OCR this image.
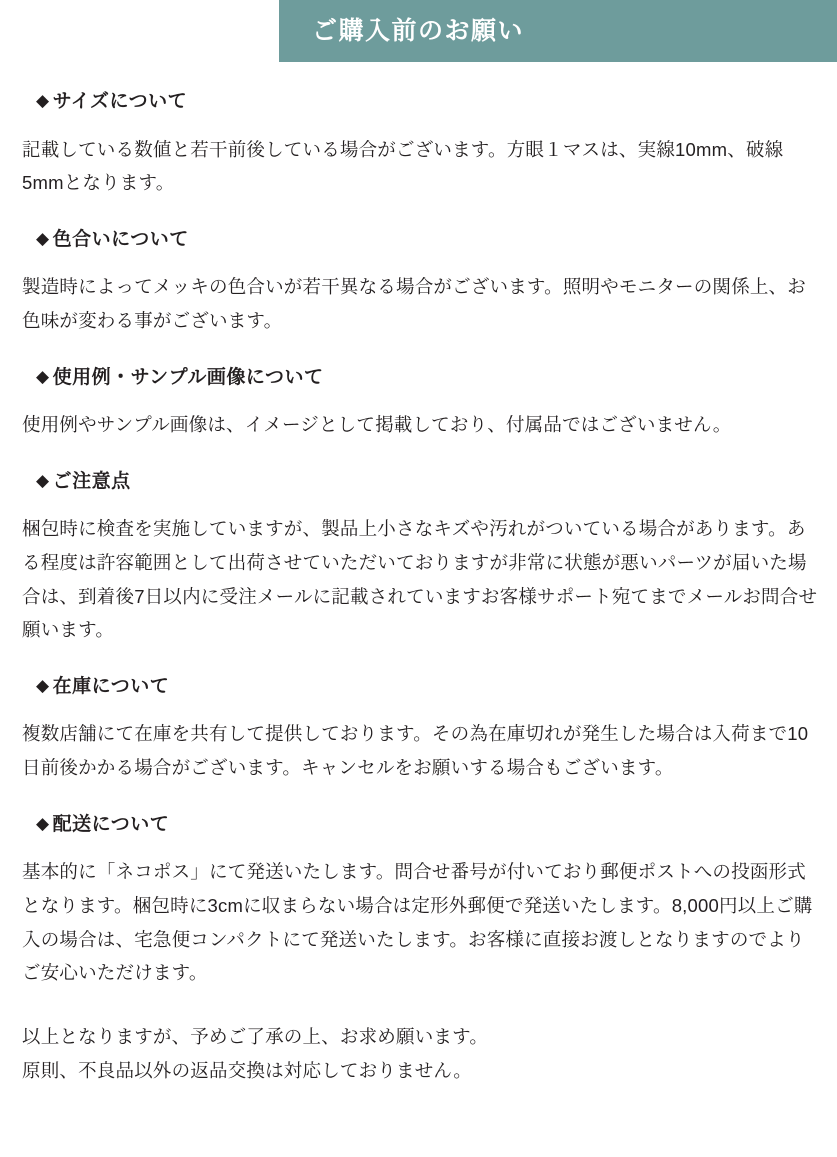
ご購入前のお願い
◆ サイズについて

記載している数値と若干前後している場合がございます。方眼１マスは、実線10mm、破線5mmとなります。

◆ 色合いについて

製造時によってメッキの色合いが若干異なる場合がございます。照明やモニターの関係上、お色味が変わる事がございます。

◆ 使用例・サンプル画像について

使用例やサンプル画像は、イメージとして掲載しており、付属品ではございません。

◆ ご注意点

梱包時に検査を実施していますが、製品上小さなキズや汚れがついている場合があります。ある程度は許容範囲として出荷させていただいておりますが非常に状態が悪いパーツが届いた場合は、到着後7日以内に受注メールに記載されていますお客様サポート宛てまでメールお問合せ願います。

◆ 在庫について

複数店舗にて在庫を共有して提供しております。その為在庫切れが発生した場合は入荷まで10日前後かかる場合がございます。キャンセルをお願いする場合もございます。

◆ 配送について

基本的に「ネコポス」にて発送いたします。問合せ番号が付いており郵便ポストへの投函形式となります。梱包時に3cmに収まらない場合は定形外郵便で発送いたします。8,000円以上ご購入の場合は、宅急便コンパクトにて発送いたします。お客様に直接お渡しとなりますのでよりご安心いただけます。

以上となりますが、予めご了承の上、お求め願います。
原則、不良品以外の返品交換は対応しておりません。
